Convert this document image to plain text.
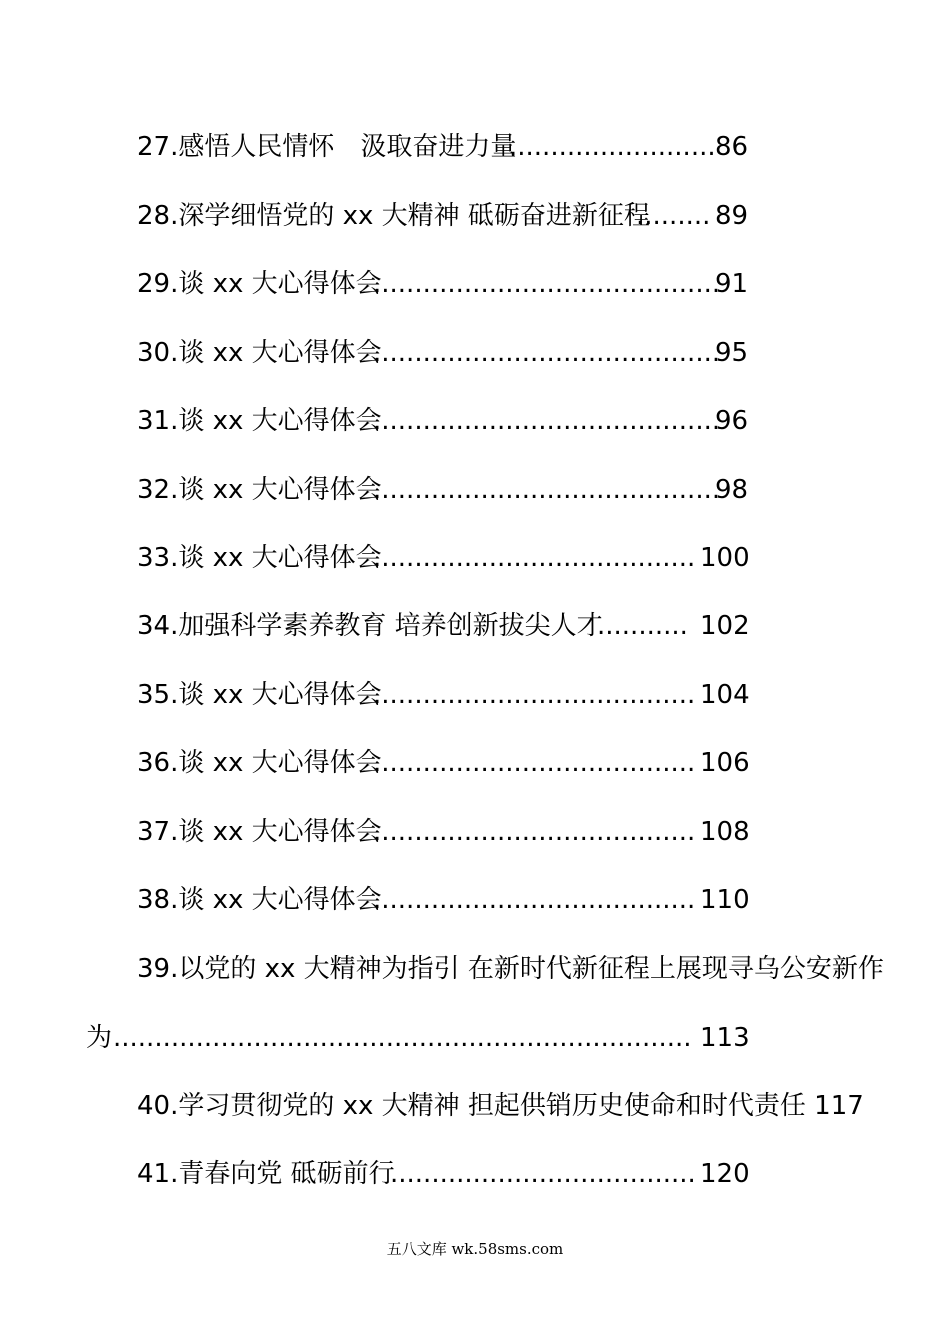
27.感悟人民情怀　汲取奋进力量
......................... 86
28.深学细悟党的 xx 大精神 砥砺奋进新征程
......... 89
29.谈 xx 大心得体会
..........................................
91
30.谈 xx 大心得体会
..........................................
95
31.谈 xx 大心得体会
..........................................
96
32.谈 xx 大心得体会
..........................................
98
33.谈 xx 大心得体会
....................................... 100
34.加强科学素养教育 培养创新拔尖人才
........... 102
35.谈 xx 大心得体会
....................................... 104
36.谈 xx 大心得体会
....................................... 106
37.谈 xx 大心得体会
....................................... 108
38.谈 xx 大心得体会
....................................... 110
39.以党的 xx 大精神为指引 在新时代新征程上展现寻乌公安新作
为 ...................................................................... 113
40.学习贯彻党的 xx 大精神 担起供销历史使命和时代责任 117
41.青春向党 砥砺前行
..................................... 120
五八文库 wk.58sms.com
